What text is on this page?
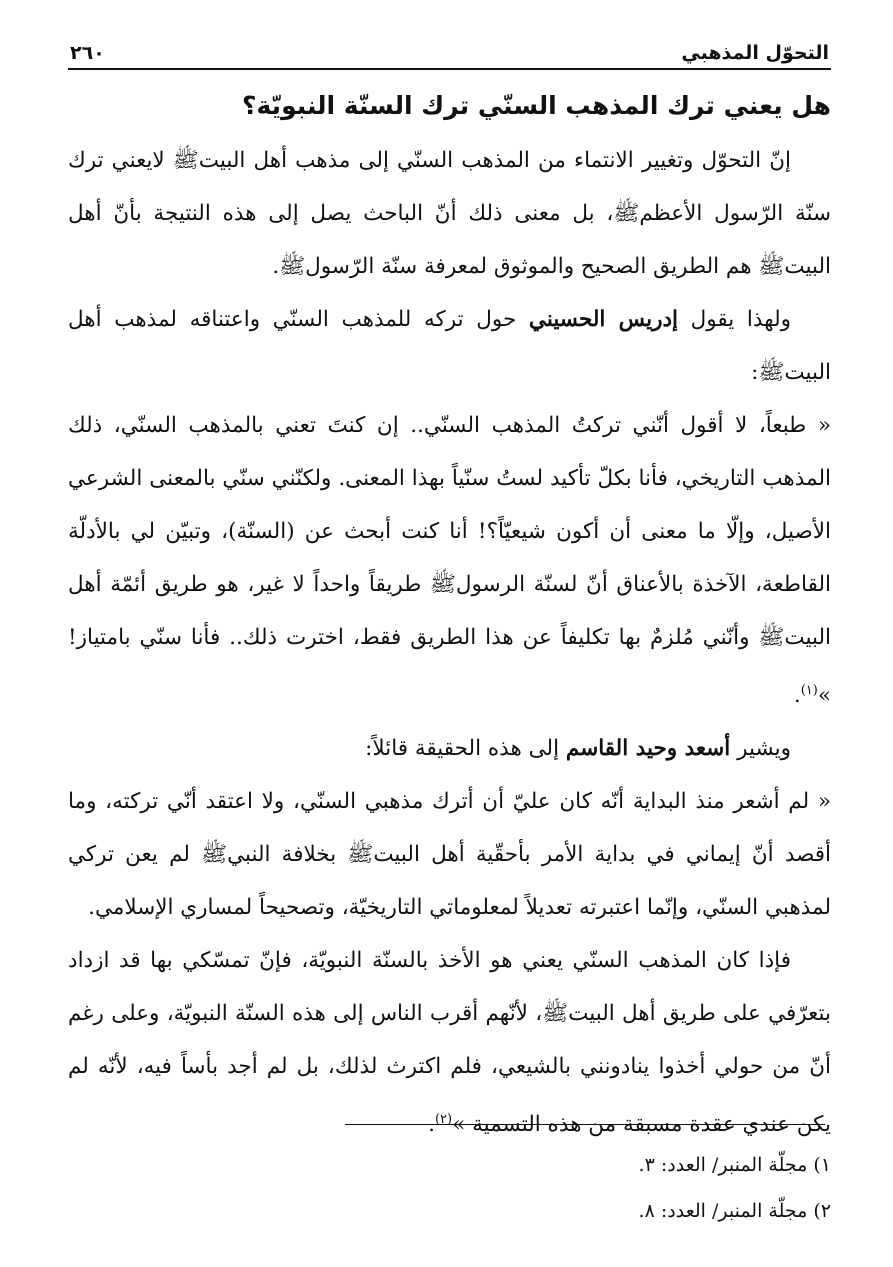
التحوّل المذهبي
٢٦٠
هل يعني ترك المذهب السنّي ترك السنّة النبويّة؟

إنّ التحوّل وتغيير الانتماء من المذهب السنّي إلى مذهب أهل البيتﷺ لايعني ترك سنّة الرّسول الأعظمﷺ، بل معنى ذلك أنّ الباحث يصل إلى هذه النتيجة بأنّ أهل البيتﷺ هم الطريق الصحيح والموثوق لمعرفة سنّة الرّسولﷺ.

ولهذا يقول إدريس الحسيني حول تركه للمذهب السنّي واعتناقه لمذهب أهل البيتﷺ:

« طبعاً، لا أقول أنّني تركتُ المذهب السنّي.. إن كنتَ تعني بالمذهب السنّي، ذلك المذهب التاريخي، فأنا بكلّ تأكيد لستُ سنّياً بهذا المعنى. ولكنّني سنّي بالمعنى الشرعي الأصيل، وإلّا ما معنى أن أكون شيعيّاً؟! أنا كنت أبحث عن (السنّة)، وتبيّن لي بالأدلّة القاطعة، الآخذة بالأعناق أنّ لسنّة الرسولﷺ طريقاً واحداً لا غير، هو طريق أئمّة أهل البيتﷺ وأنّني مُلزمٌ بها تكليفاً عن هذا الطريق فقط، اخترت ذلك.. فأنا سنّي بامتياز! »$^{(١)}$.

ويشير أسعد وحيد القاسم إلى هذه الحقيقة قائلاً:

« لم أشعر منذ البداية أنّه كان عليّ أن أترك مذهبي السنّي، ولا اعتقد أنّي تركته، وما أقصد أنّ إيماني في بداية الأمر بأحقّية أهل البيتﷺ بخلافة النبيﷺ لم يعن تركي لمذهبي السنّي، وإنّما اعتبرته تعديلاً لمعلوماتي التاريخيّة، وتصحيحاً لمساري الإسلامي.

فإذا كان المذهب السنّي يعني هو الأخذ بالسنّة النبويّة، فإنّ تمسّكي بها قد ازداد بتعرّفي على طريق أهل البيتﷺ، لأنّهم أقرب الناس إلى هذه السنّة النبويّة، وعلى رغم أنّ من حولي أخذوا ينادونني بالشيعي، فلم اكترث لذلك، بل لم أجد بأساً فيه، لأنّه لم يكن عندي عقدة مسبقة من هذه التسمية »$^{(٢)}$.

١) مجلّة المنبر/ العدد: ٣.

٢) مجلّة المنبر/ العدد: ٨.
